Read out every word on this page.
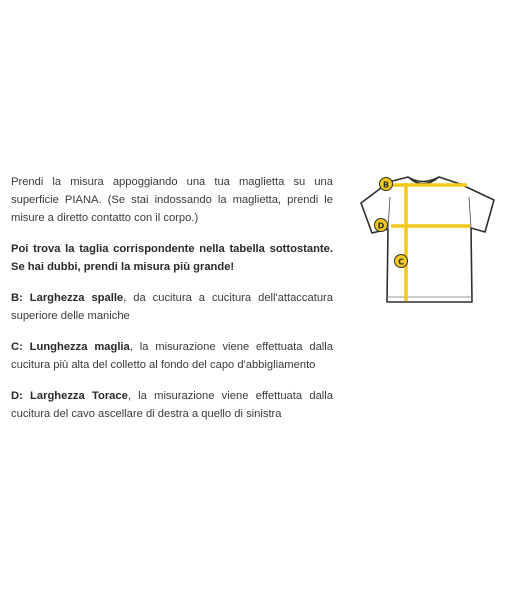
Prendi la misura appoggiando una tua maglietta su una superficie PIANA. (Se stai indossando la maglietta, prendi le misure a diretto contatto con il corpo.)

Poi trova la taglia corrispondente nella tabella sottostante. Se hai dubbi, prendi la misura più grande!

B: Larghezza spalle, da cucitura a cucitura dell'attaccatura superiore delle maniche

C: Lunghezza maglia, la misurazione viene effettuata dalla cucitura più alta del colletto al fondo del capo d'abbigliamento

D: Larghezza Torace, la misurazione viene effettuata dalla cucitura del cavo ascellare di destra a quello di sinistra

B
D
C
